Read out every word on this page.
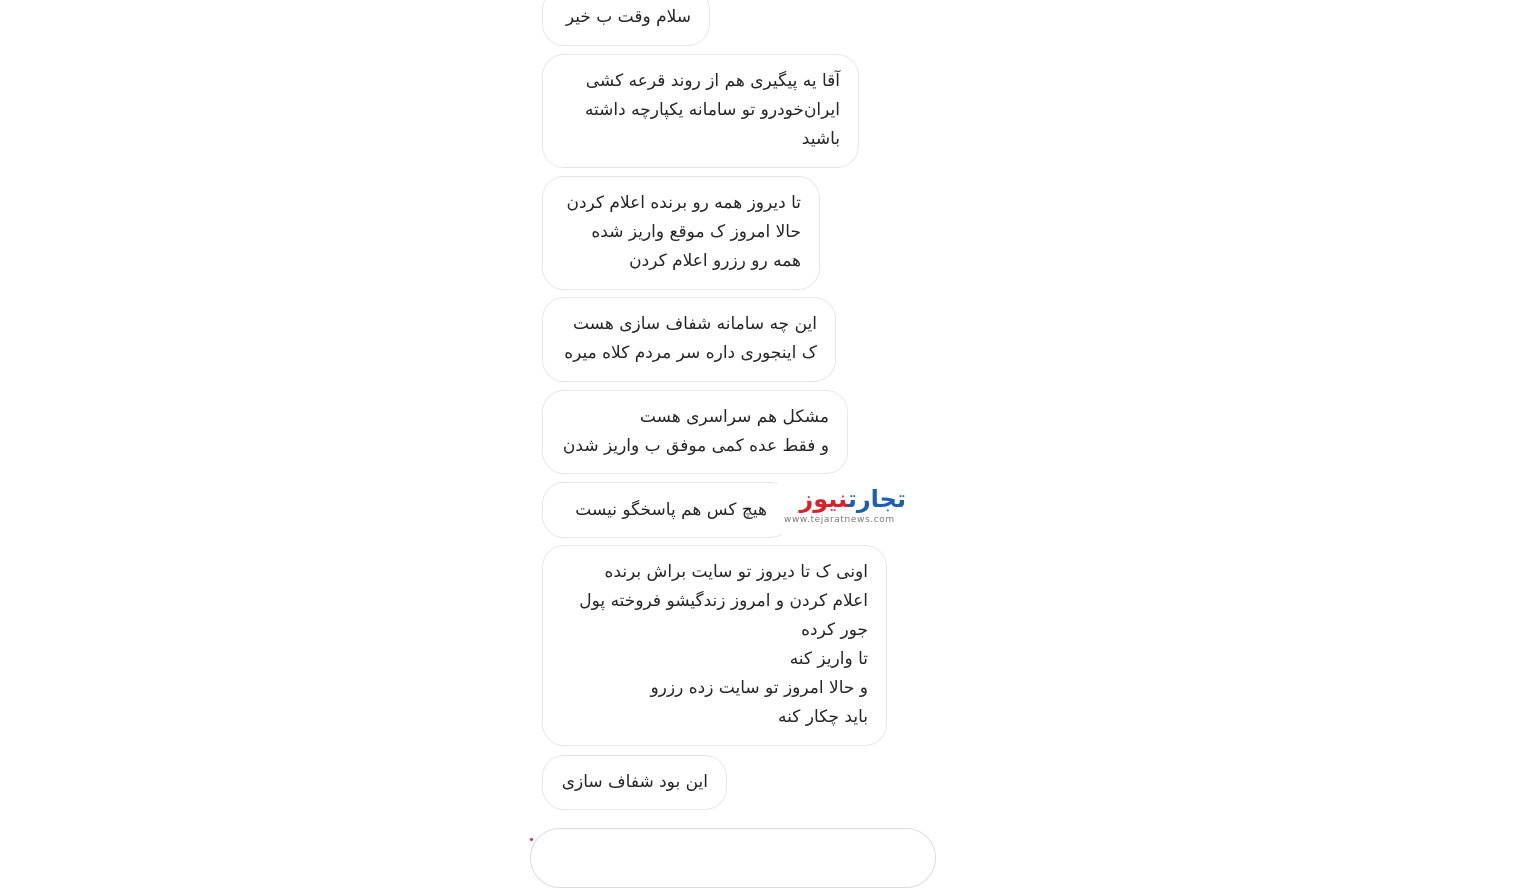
سلام وقت ب خیر
آقا یه پیگیری هم از روند قرعه کشی
ایران‌خودرو تو سامانه یکپارچه داشته
باشید
تا دیروز همه رو برنده اعلام کردن
حالا امروز ک موقع واریز شده
همه رو رزرو اعلام کردن
این چه سامانه شفاف سازی هست
ک اینجوری داره سر مردم کلاه میره
مشکل هم سراسری هست
و فقط عده کمی موفق ب واریز شدن
هیچ کس هم پاسخگو نیست
اونی ک تا دیروز تو سایت براش برنده
اعلام کردن و امروز زندگیشو فروخته پول
جور کرده
تا واریز کنه
و حالا امروز تو سایت زده رزرو
باید چکار کنه
این بود شفاف سازی
تجارتنیوز
www.tejaratnews.com
